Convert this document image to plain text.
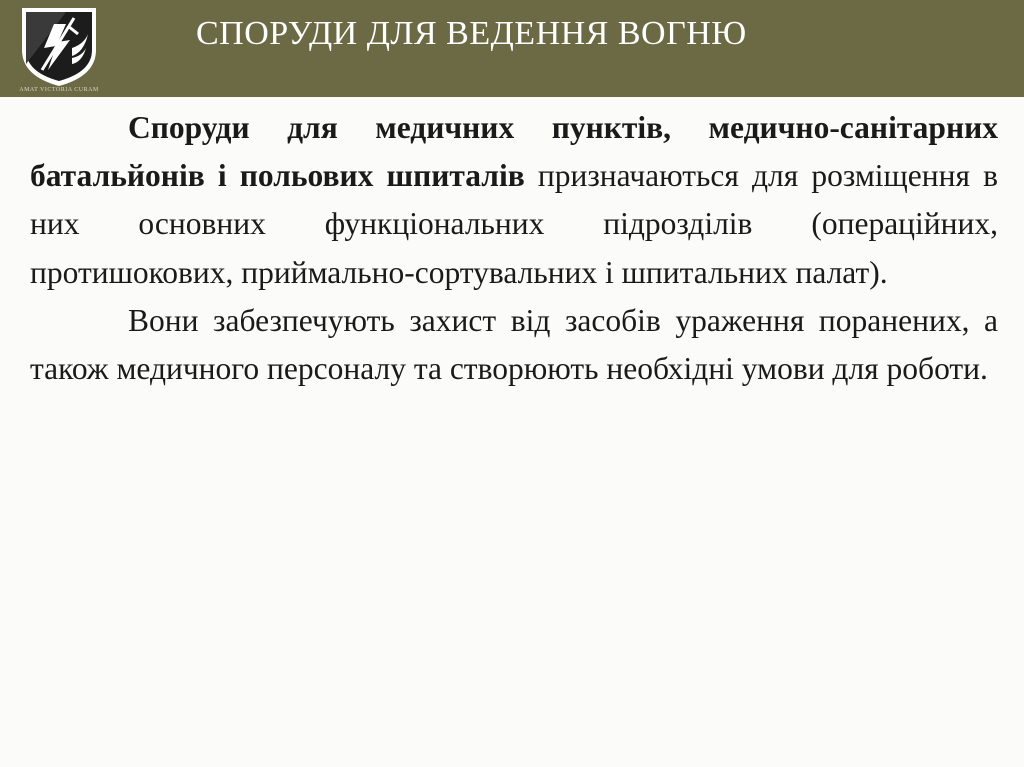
AMAT VICTORIA CURAM
СПОРУДИ ДЛЯ ВЕДЕННЯ ВОГНЮ

Споруди для медичних пунктів, медично-санітарних батальйонів і польових шпиталів призначаються для розміщення в них основних функціональних підрозділів (операційних, протишокових, приймально-сортувальних і шпитальних палат).

Вони забезпечують захист від засобів ураження поранених, а також медичного персоналу та створюють необхідні умови для роботи.
